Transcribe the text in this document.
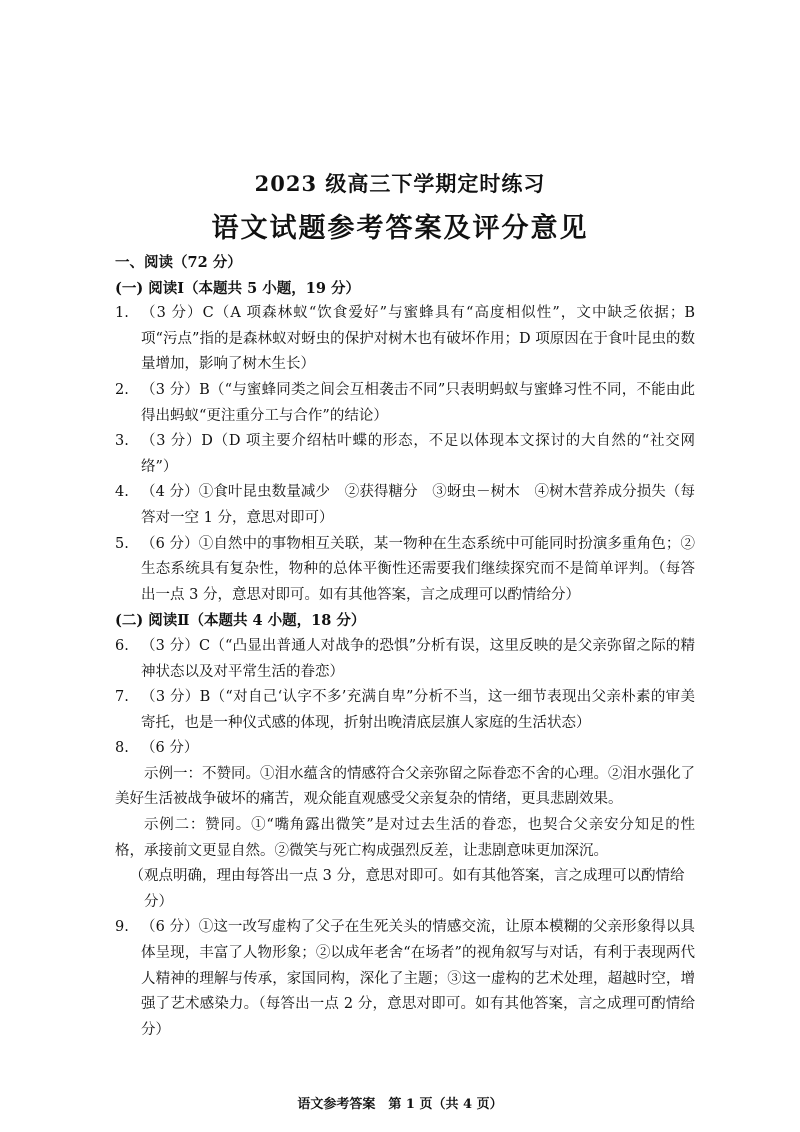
2023 级高三下学期定时练习
语文试题参考答案及评分意见
一、阅读（72 分）
(一) 阅读Ⅰ（本题共 5 小题，19 分）
1. （3 分）C（A 项森林蚁“饮食爱好”与蜜蜂具有“高度相似性”，文中缺乏依据；B 项“污点”指的是森林蚁对蚜虫的保护对树木也有破坏作用；D 项原因在于食叶昆虫的数量增加，影响了树木生长）
2. （3 分）B（“与蜜蜂同类之间会互相袭击不同”只表明蚂蚁与蜜蜂习性不同，不能由此得出蚂蚁“更注重分工与合作”的结论）
3. （3 分）D（D 项主要介绍枯叶蝶的形态，不足以体现本文探讨的大自然的“社交网络”）
4. （4 分）①食叶昆虫数量减少　②获得糖分　③蚜虫－树木　④树木营养成分损失（每答对一空 1 分，意思对即可）
5. （6 分）①自然中的事物相互关联，某一物种在生态系统中可能同时扮演多重角色；②生态系统具有复杂性，物种的总体平衡性还需要我们继续探究而不是简单评判。（每答出一点 3 分，意思对即可。如有其他答案，言之成理可以酌情给分）
(二) 阅读Ⅱ（本题共 4 小题，18 分）
6. （3 分）C（“凸显出普通人对战争的恐惧”分析有误，这里反映的是父亲弥留之际的精神状态以及对平常生活的眷恋）
7. （3 分）B（“对自己‘认字不多’充满自卑”分析不当，这一细节表现出父亲朴素的审美寄托，也是一种仪式感的体现，折射出晚清底层旗人家庭的生活状态）
8. （6 分）
示例一：不赞同。①泪水蕴含的情感符合父亲弥留之际眷恋不舍的心理。②泪水强化了美好生活被战争破坏的痛苦，观众能直观感受父亲复杂的情绪，更具悲剧效果。
示例二：赞同。①“嘴角露出微笑”是对过去生活的眷恋，也契合父亲安分知足的性格，承接前文更显自然。②微笑与死亡构成强烈反差，让悲剧意味更加深沉。
（观点明确，理由每答出一点 3 分，意思对即可。如有其他答案，言之成理可以酌情给分）
9. （6 分）①这一改写虚构了父子在生死关头的情感交流，让原本模糊的父亲形象得以具体呈现，丰富了人物形象；②以成年老舍“在场者”的视角叙写与对话，有利于表现两代人精神的理解与传承，家国同构，深化了主题；③这一虚构的艺术处理，超越时空，增强了艺术感染力。（每答出一点 2 分，意思对即可。如有其他答案，言之成理可酌情给分）
语文参考答案　第 1 页（共 4 页）
